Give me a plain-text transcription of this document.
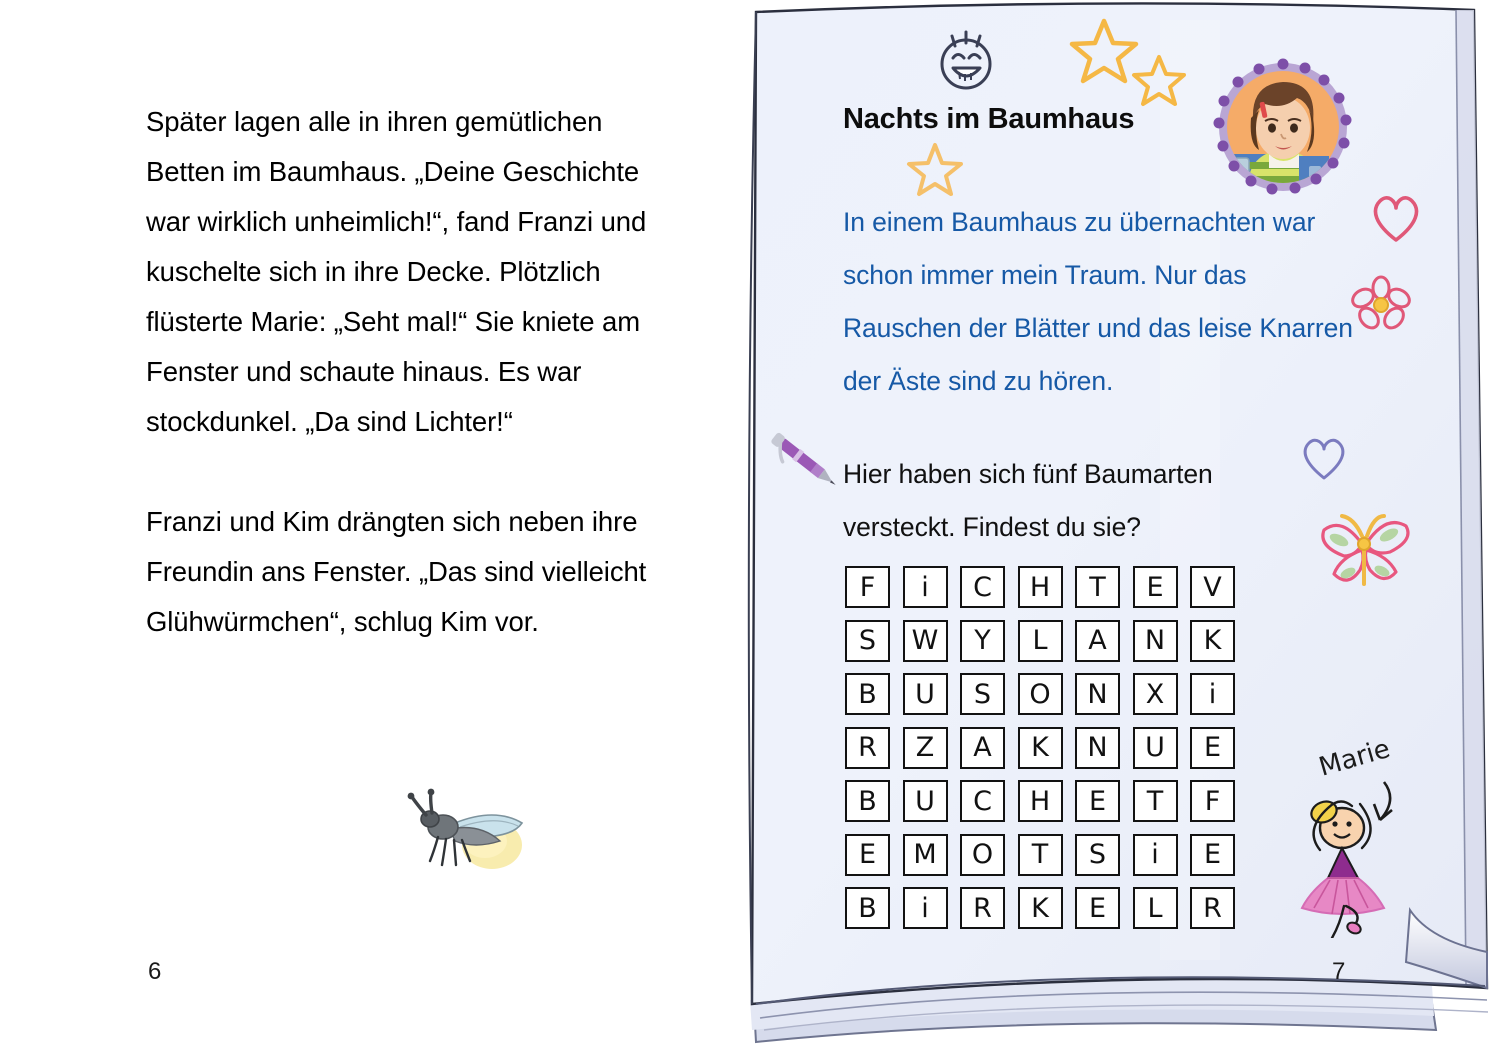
Später lagen alle in ihren gemütlichen Betten im Baumhaus. „Deine Geschichte war wirklich unheimlich!“, fand Franzi und kuschelte sich in ihre Decke. Plötzlich flüsterte Marie: „Seht mal!“ Sie kniete am Fenster und schaute hinaus. Es war stockdunkel. „Da sind Lichter!“

Franzi und Kim drängten sich neben ihre Freundin ans Fenster. „Das sind vielleicht Glühwürmchen“, schlug Kim vor.

6
Nachts im Baumhaus
In einem Baumhaus zu übernachten war schon immer mein Traum. Nur das Rauschen der Blätter und das leise Knarren der Äste sind zu hören.
Hier haben sich fünf Baumarten versteckt. Findest du sie?
F	i	C	H	T	E	V
S	W	Y	L	A	N	K
B	U	S	O	N	X	i
R	Z	A	K	N	U	E
B	U	C	H	E	T	F
E	M	O	T	S	i	E
B	i	R	K	E	L	R
Marie
7
